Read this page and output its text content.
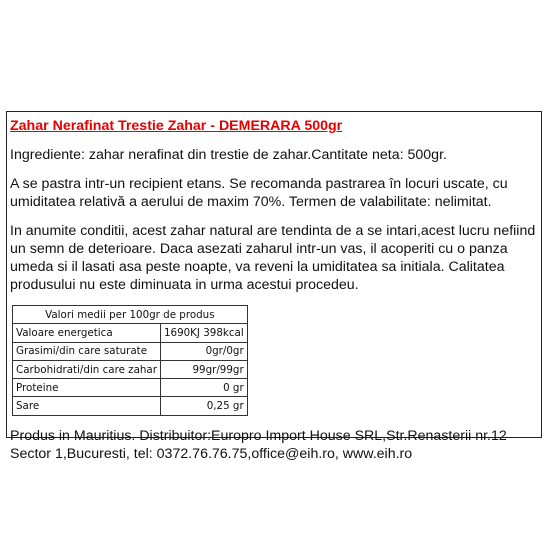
Zahar Nerafinat Trestie Zahar - DEMERARA 500gr
Ingrediente: zahar nerafinat din trestie de zahar.Cantitate neta: 500gr.
A se pastra intr-un recipient etans. Se recomanda pastrarea în locuri uscate, cu umiditatea relativă a aerului de maxim 70%. Termen de valabilitate: nelimitat.
In anumite conditii, acest zahar natural are tendinta de a se intari,acest lucru nefiind un semn de deterioare. Daca asezati zaharul intr-un vas, il acoperiti cu o panza umeda si il lasati asa peste noapte, va reveni la umiditatea sa initiala. Calitatea produsului nu este diminuata in urma acestui procedeu.
Valori medii per 100gr de produs	
Valoare energetica	1690KJ 398kcal
Grasimi/din care saturate	0gr/0gr
Carbohidrati/din care zahar	99gr/99gr
Proteine	0 gr
Sare	0,25 gr
Produs in Mauritius. Distribuitor:Europro Import House SRL,Str.Renasterii nr.12 Sector 1,Bucuresti, tel: 0372.76.76.75,office@eih.ro, www.eih.ro
